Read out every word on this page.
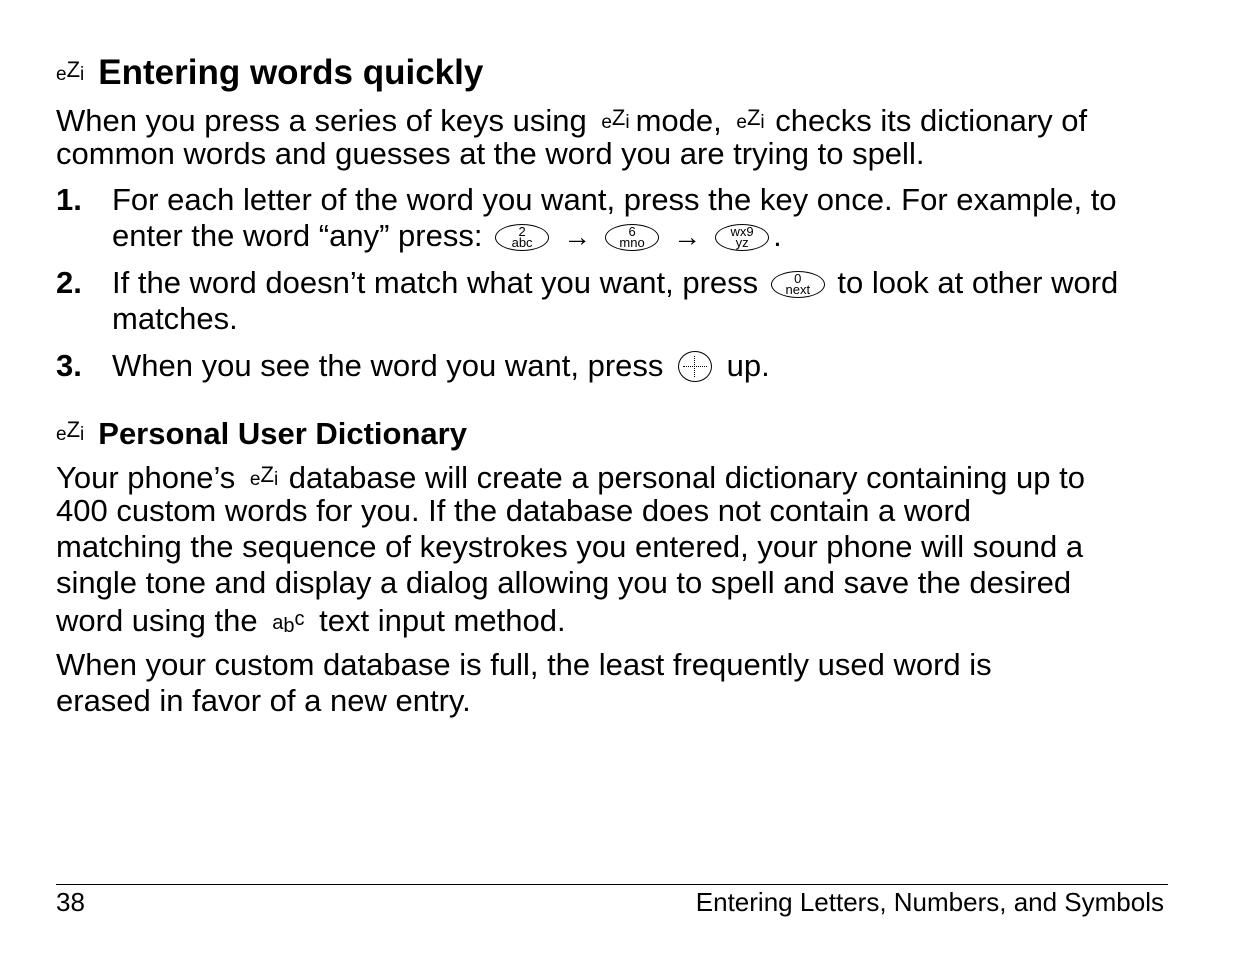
eZi Entering words quickly
When you press a series of keys using eZi mode, eZi checks its dictionary of
common words and guesses at the word you are trying to spell.
1. For each letter of the word you want, press the key once. For example, to
enter the word “any” press:	2
abc	→	6
mno	→	wx9
yz .
2. If the word doesn’t match what you want, press	0
next to look at other word
matches.
3. When you see the word you want, press up.
eZi Personal User Dictionary
Your phone’s eZi database will create a personal dictionary containing up to
400 custom words for you. If the database does not contain a word
matching the sequence of keystrokes you entered, your phone will sound a
single tone and display a dialog allowing you to spell and save the desired
word using the abc text input method.
When your custom database is full, the least frequently used word is
erased in favor of a new entry.
38	Entering Letters, Numbers, and Symbols
